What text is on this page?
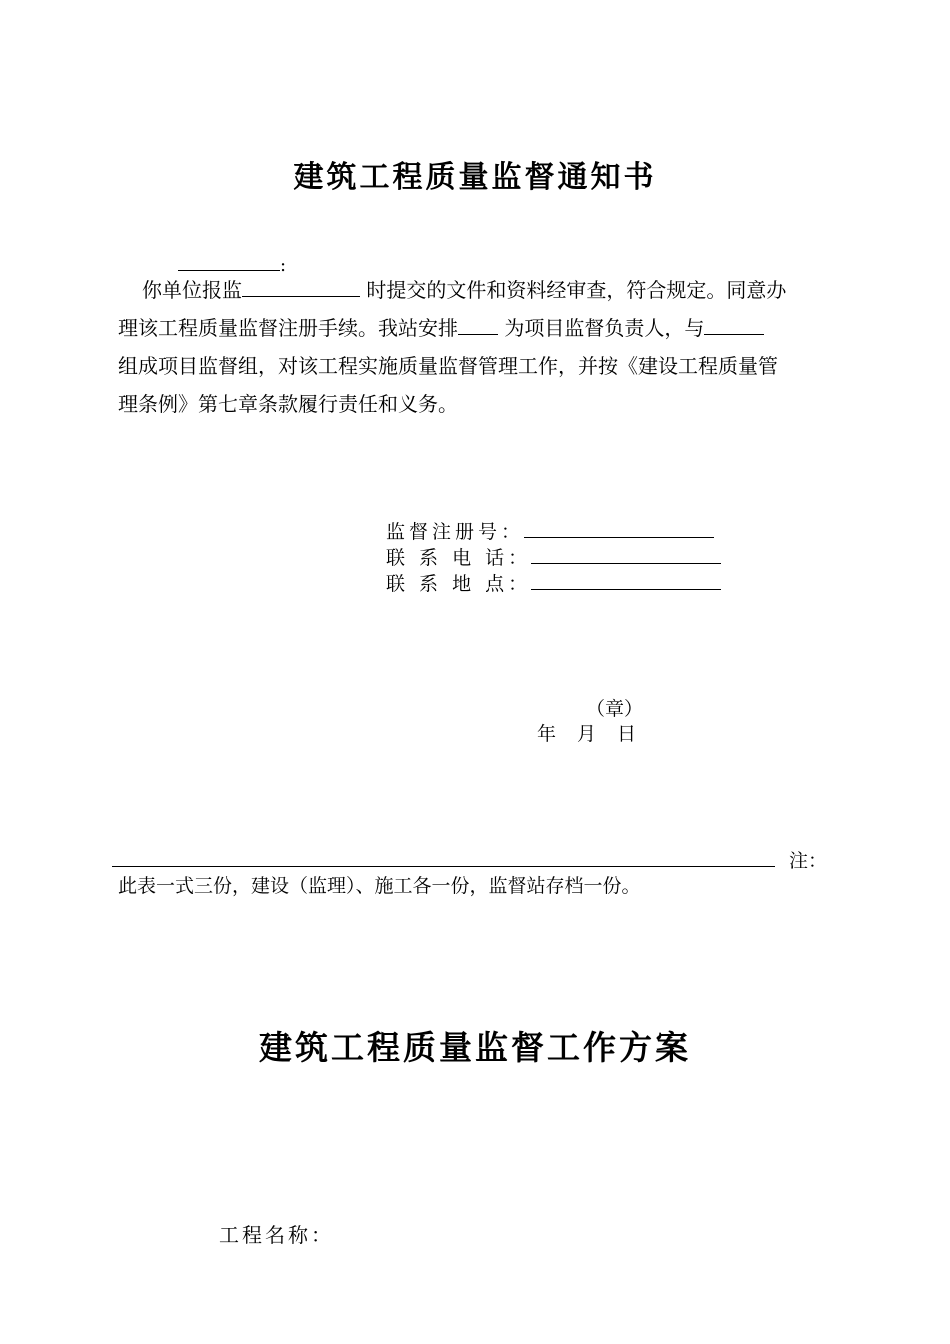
建筑工程质量监督通知书
:
你单位报监	时提交的文件和资料经审查，符合规定。同意办
理该工程质量监督注册手续。我站安排 为项目监督负责人，与
组成项目监督组，对该工程实施质量监督管理工作，并按《建设工程质量管
理条例》第七章条款履行责任和义务。
监督注册号：
联 系 电 话：
联 系 地 点：
（章）
年　月　日
注：
此表一式三份，建设（监理）、施工各一份，监督站存档一份。
建筑工程质量监督工作方案
工程名称：
